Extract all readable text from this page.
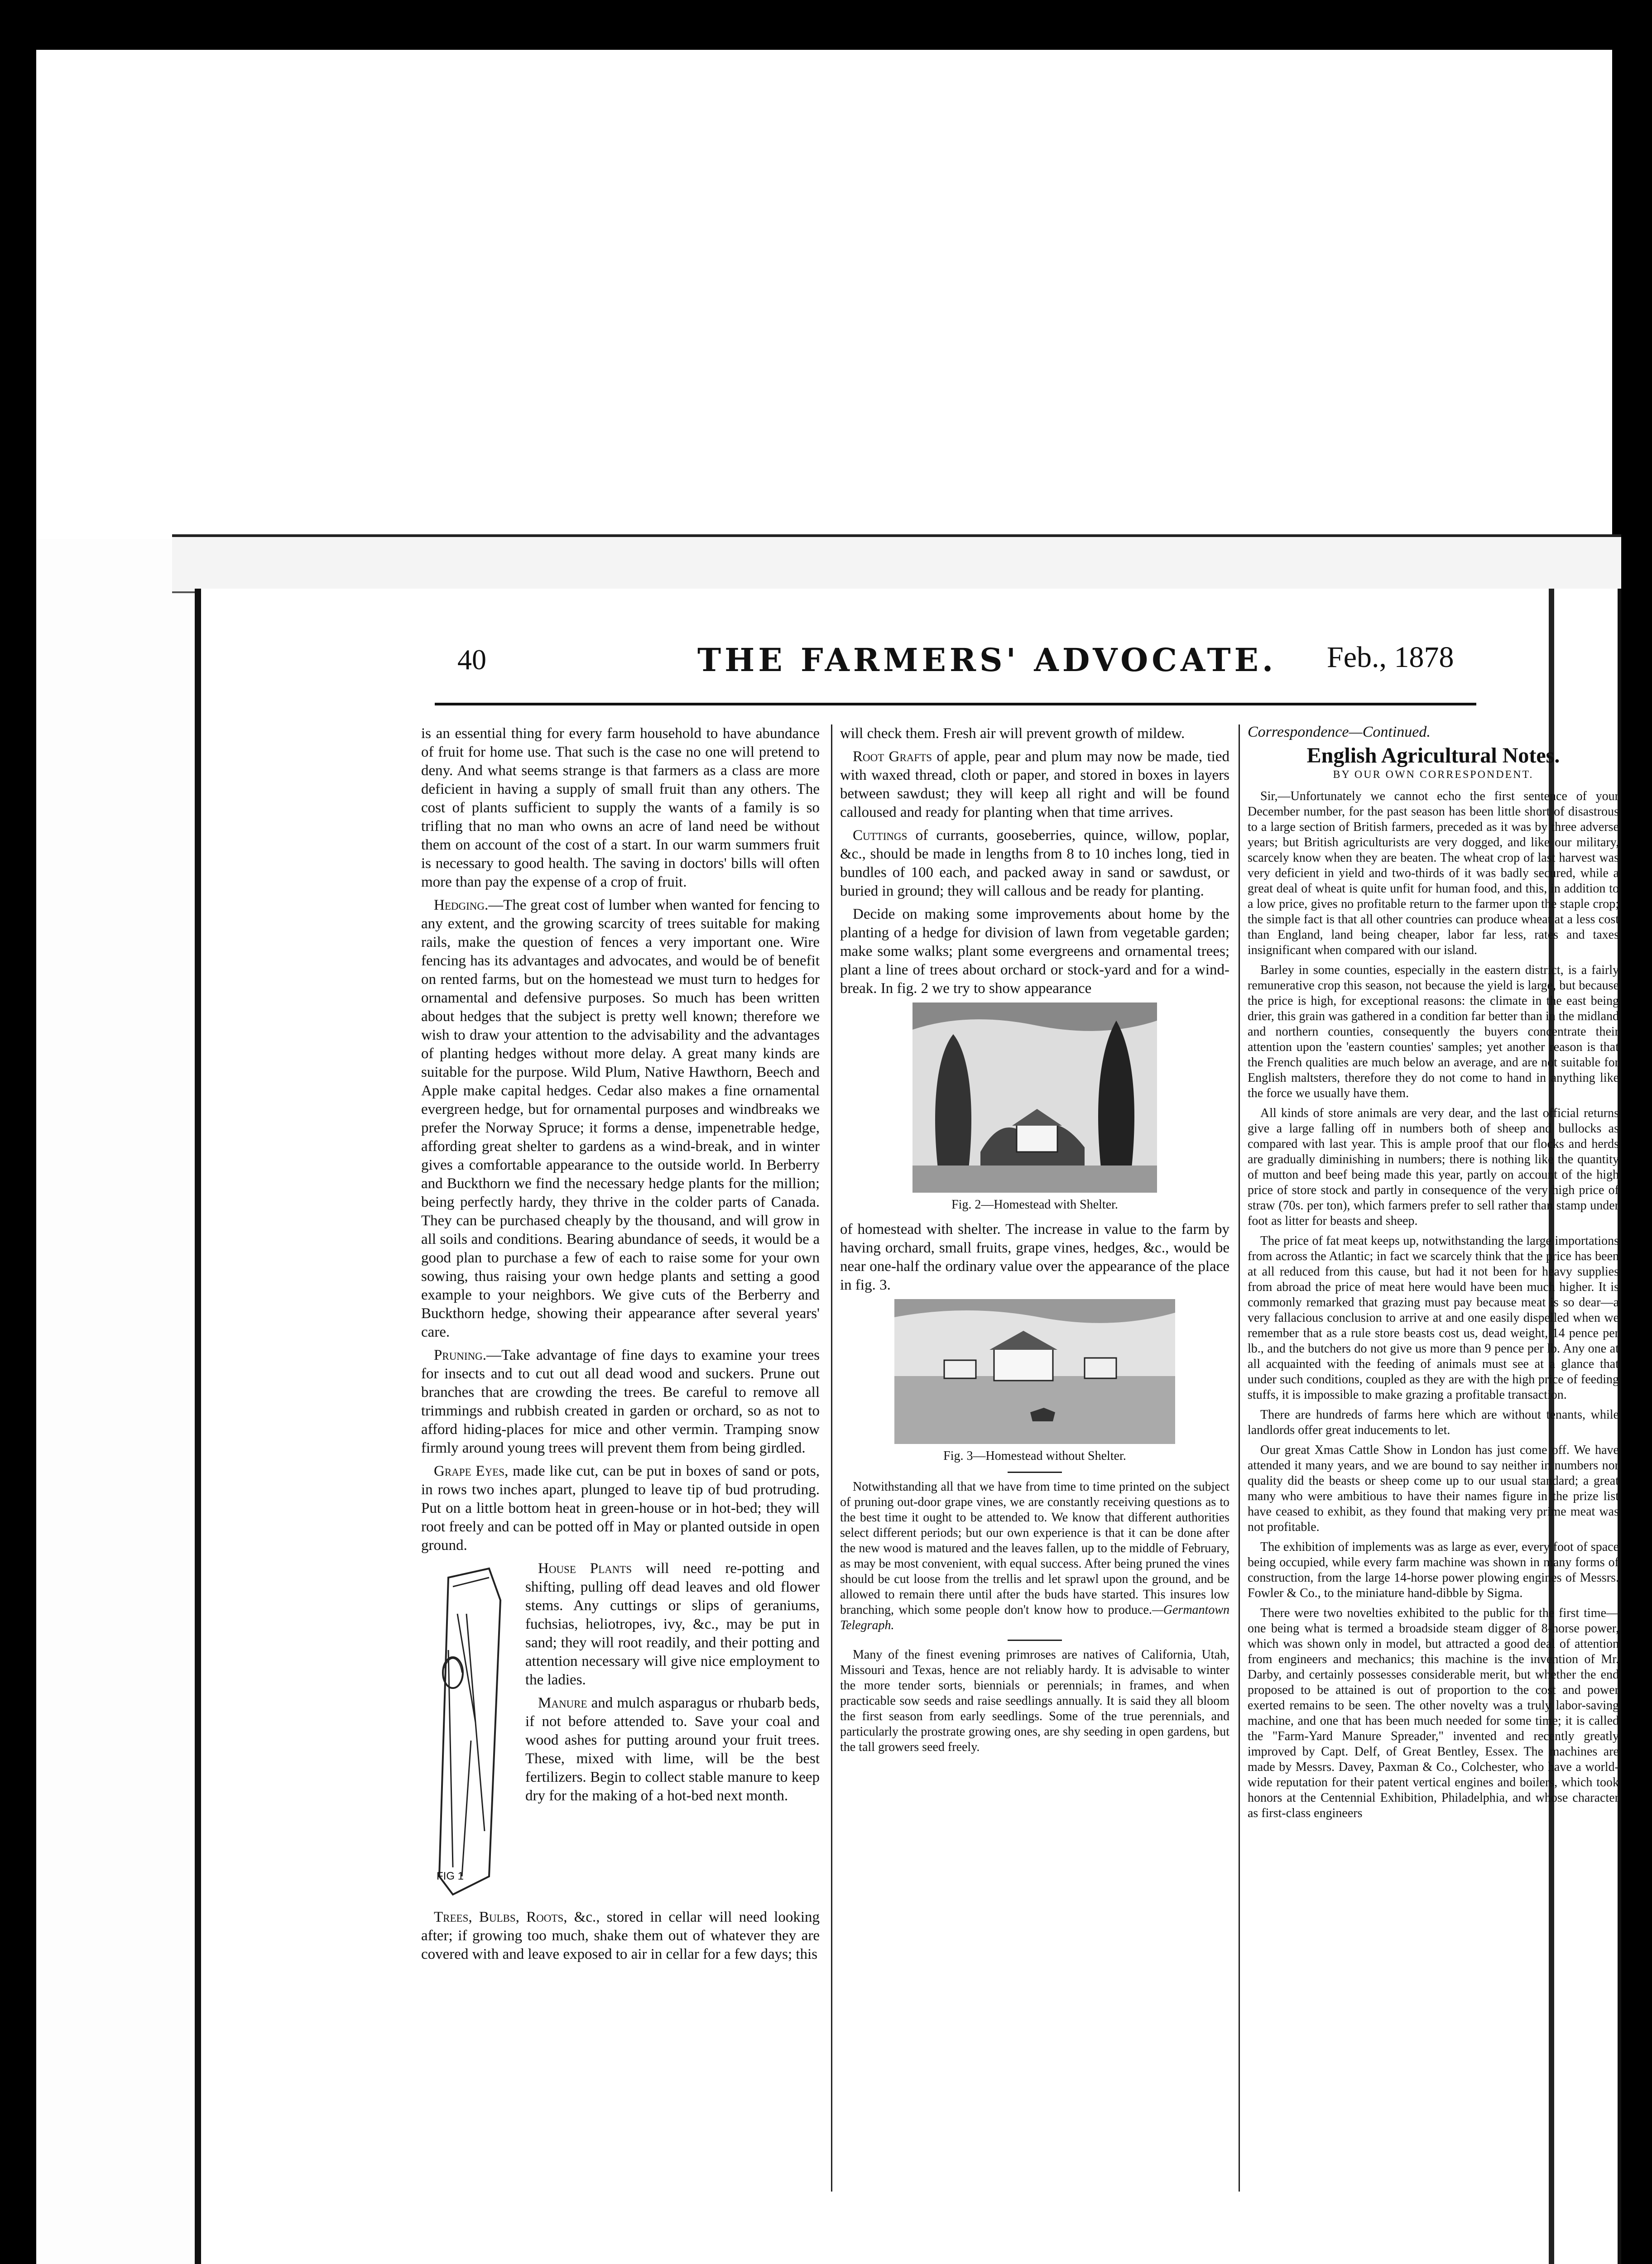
40	THE FARMERS' ADVOCATE. Feb., 1878

is an essential thing for every farm household to have abundance of fruit for home use. That such is the case no one will pretend to deny. And what seems strange is that farmers as a class are more deficient in having a supply of small fruit than any others. The cost of plants sufficient to supply the wants of a family is so trifling that no man who owns an acre of land need be without them on account of the cost of a start. In our warm summers fruit is necessary to good health. The saving in doctors' bills will often more than pay the expense of a crop of fruit.

Hedging.—The great cost of lumber when wanted for fencing to any extent, and the growing scarcity of trees suitable for making rails, make the question of fences a very important one. Wire fencing has its advantages and advocates, and would be of benefit on rented farms, but on the homestead we must turn to hedges for ornamental and defensive purposes. So much has been written about hedges that the subject is pretty well known; therefore we wish to draw your attention to the advisability and the advantages of planting hedges without more delay. A great many kinds are suitable for the purpose. Wild Plum, Native Hawthorn, Beech and Apple make capital hedges. Cedar also makes a fine ornamental evergreen hedge, but for ornamental purposes and windbreaks we prefer the Norway Spruce; it forms a dense, impenetrable hedge, affording great shelter to gardens as a wind-break, and in winter gives a comfortable appearance to the outside world. In Berberry and Buckthorn we find the necessary hedge plants for the million; being perfectly hardy, they thrive in the colder parts of Canada. They can be purchased cheaply by the thousand, and will grow in all soils and conditions. Bearing abundance of seeds, it would be a good plan to purchase a few of each to raise some for your own sowing, thus raising your own hedge plants and setting a good example to your neighbors. We give cuts of the Berberry and Buckthorn hedge, showing their appearance after several years' care.

Pruning.—Take advantage of fine days to examine your trees for insects and to cut out all dead wood and suckers. Prune out branches that are crowding the trees. Be careful to remove all trimmings and rubbish created in garden or orchard, so as not to afford hiding-places for mice and other vermin. Tramping snow firmly around young trees will prevent them from being girdled.

Grape Eyes, made like cut, can be put in boxes of sand or pots, in rows two inches apart, plunged to leave tip of bud protruding. Put on a little bottom heat in green-house or in hot-bed; they will root freely and can be potted off in May or planted outside in open ground.

FIG 1

House Plants will need re-potting and shifting, pulling off dead leaves and old flower stems. Any cuttings or slips of geraniums, fuchsias, heliotropes, ivy, &c., may be put in sand; they will root readily, and their potting and attention necessary will give nice employment to the ladies.

Manure and mulch asparagus or rhubarb beds, if not before attended to. Save your coal and wood ashes for putting around your fruit trees. These, mixed with lime, will be the best fertilizers. Begin to collect stable manure to keep dry for the making of a hot-bed next month.

Trees, Bulbs, Roots, &c., stored in cellar will need looking after; if growing too much, shake them out of whatever they are covered with and leave exposed to air in cellar for a few days; this

will check them. Fresh air will prevent growth of mildew.

Root Grafts of apple, pear and plum may now be made, tied with waxed thread, cloth or paper, and stored in boxes in layers between sawdust; they will keep all right and will be found calloused and ready for planting when that time arrives.

Cuttings of currants, gooseberries, quince, willow, poplar, &c., should be made in lengths from 8 to 10 inches long, tied in bundles of 100 each, and packed away in sand or sawdust, or buried in ground; they will callous and be ready for planting.

Decide on making some improvements about home by the planting of a hedge for division of lawn from vegetable garden; make some walks; plant some evergreens and ornamental trees; plant a line of trees about orchard or stock-yard and for a wind-break. In fig. 2 we try to show appearance

Fig. 2—Homestead with Shelter.

of homestead with shelter. The increase in value to the farm by having orchard, small fruits, grape vines, hedges, &c., would be near one-half the ordinary value over the appearance of the place in fig. 3.

Fig. 3—Homestead without Shelter.

Notwithstanding all that we have from time to time printed on the subject of pruning out-door grape vines, we are constantly receiving questions as to the best time it ought to be attended to. We know that different authorities select different periods; but our own experience is that it can be done after the new wood is matured and the leaves fallen, up to the middle of February, as may be most convenient, with equal success. After being pruned the vines should be cut loose from the trellis and let sprawl upon the ground, and be allowed to remain there until after the buds have started. This insures low branching, which some people don't know how to produce.—Germantown Telegraph.

Many of the finest evening primroses are natives of California, Utah, Missouri and Texas, hence are not reliably hardy. It is advisable to winter the more tender sorts, biennials or perennials; in frames, and when practicable sow seeds and raise seedlings annually. It is said they all bloom the first season from early seedlings. Some of the true perennials, and particularly the prostrate growing ones, are shy seeding in open gardens, but the tall growers seed freely.

Correspondence—Continued.
English Agricultural Notes.
BY OUR OWN CORRESPONDENT.

Sir,—Unfortunately we cannot echo the first sentence of your December number, for the past season has been little short of disastrous to a large section of British farmers, preceded as it was by three adverse years; but British agriculturists are very dogged, and like our military, scarcely know when they are beaten. The wheat crop of last harvest was very deficient in yield and two-thirds of it was badly secured, while a great deal of wheat is quite unfit for human food, and this, in addition to a low price, gives no profitable return to the farmer upon the staple crop; the simple fact is that all other countries can produce wheat at a less cost than England, land being cheaper, labor far less, rates and taxes insignificant when compared with our island.

Barley in some counties, especially in the eastern district, is a fairly remunerative crop this season, not because the yield is large, but because the price is high, for exceptional reasons: the climate in the east being drier, this grain was gathered in a condition far better than in the midland and northern counties, consequently the buyers concentrate their attention upon the 'eastern counties' samples; yet another reason is that the French qualities are much below an average, and are not suitable for English maltsters, therefore they do not come to hand in anything like the force we usually have them.

All kinds of store animals are very dear, and the last official returns give a large falling off in numbers both of sheep and bullocks as compared with last year. This is ample proof that our flocks and herds are gradually diminishing in numbers; there is nothing like the quantity of mutton and beef being made this year, partly on account of the high price of store stock and partly in consequence of the very high price of straw (70s. per ton), which farmers prefer to sell rather than stamp under foot as litter for beasts and sheep.

The price of fat meat keeps up, notwithstanding the large importations from across the Atlantic; in fact we scarcely think that the price has been at all reduced from this cause, but had it not been for heavy supplies from abroad the price of meat here would have been much higher. It is commonly remarked that grazing must pay because meat is so dear—a very fallacious conclusion to arrive at and one easily dispelled when we remember that as a rule store beasts cost us, dead weight, 14 pence per lb., and the butchers do not give us more than 9 pence per lb. Any one at all acquainted with the feeding of animals must see at a glance that under such conditions, coupled as they are with the high price of feeding stuffs, it is impossible to make grazing a profitable transaction.

There are hundreds of farms here which are without tenants, while landlords offer great inducements to let.

Our great Xmas Cattle Show in London has just come off. We have attended it many years, and we are bound to say neither in numbers nor quality did the beasts or sheep come up to our usual standard; a great many who were ambitious to have their names figure in the prize list have ceased to exhibit, as they found that making very prime meat was not profitable.

The exhibition of implements was as large as ever, every foot of space being occupied, while every farm machine was shown in many forms of construction, from the large 14-horse power plowing engines of Messrs. Fowler & Co., to the miniature hand-dibble by Sigma.

There were two novelties exhibited to the public for the first time—one being what is termed a broadside steam digger of 8-horse power, which was shown only in model, but attracted a good deal of attention from engineers and mechanics; this machine is the invention of Mr. Darby, and certainly possesses considerable merit, but whether the end proposed to be attained is out of proportion to the cost and power exerted remains to be seen. The other novelty was a truly labor-saving machine, and one that has been much needed for some time; it is called the "Farm-Yard Manure Spreader," invented and recently greatly improved by Capt. Delf, of Great Bentley, Essex. The machines are made by Messrs. Davey, Paxman & Co., Colchester, who have a world-wide reputation for their patent vertical engines and boilers, which took honors at the Centennial Exhibition, Philadelphia, and whose character as first-class engineers
